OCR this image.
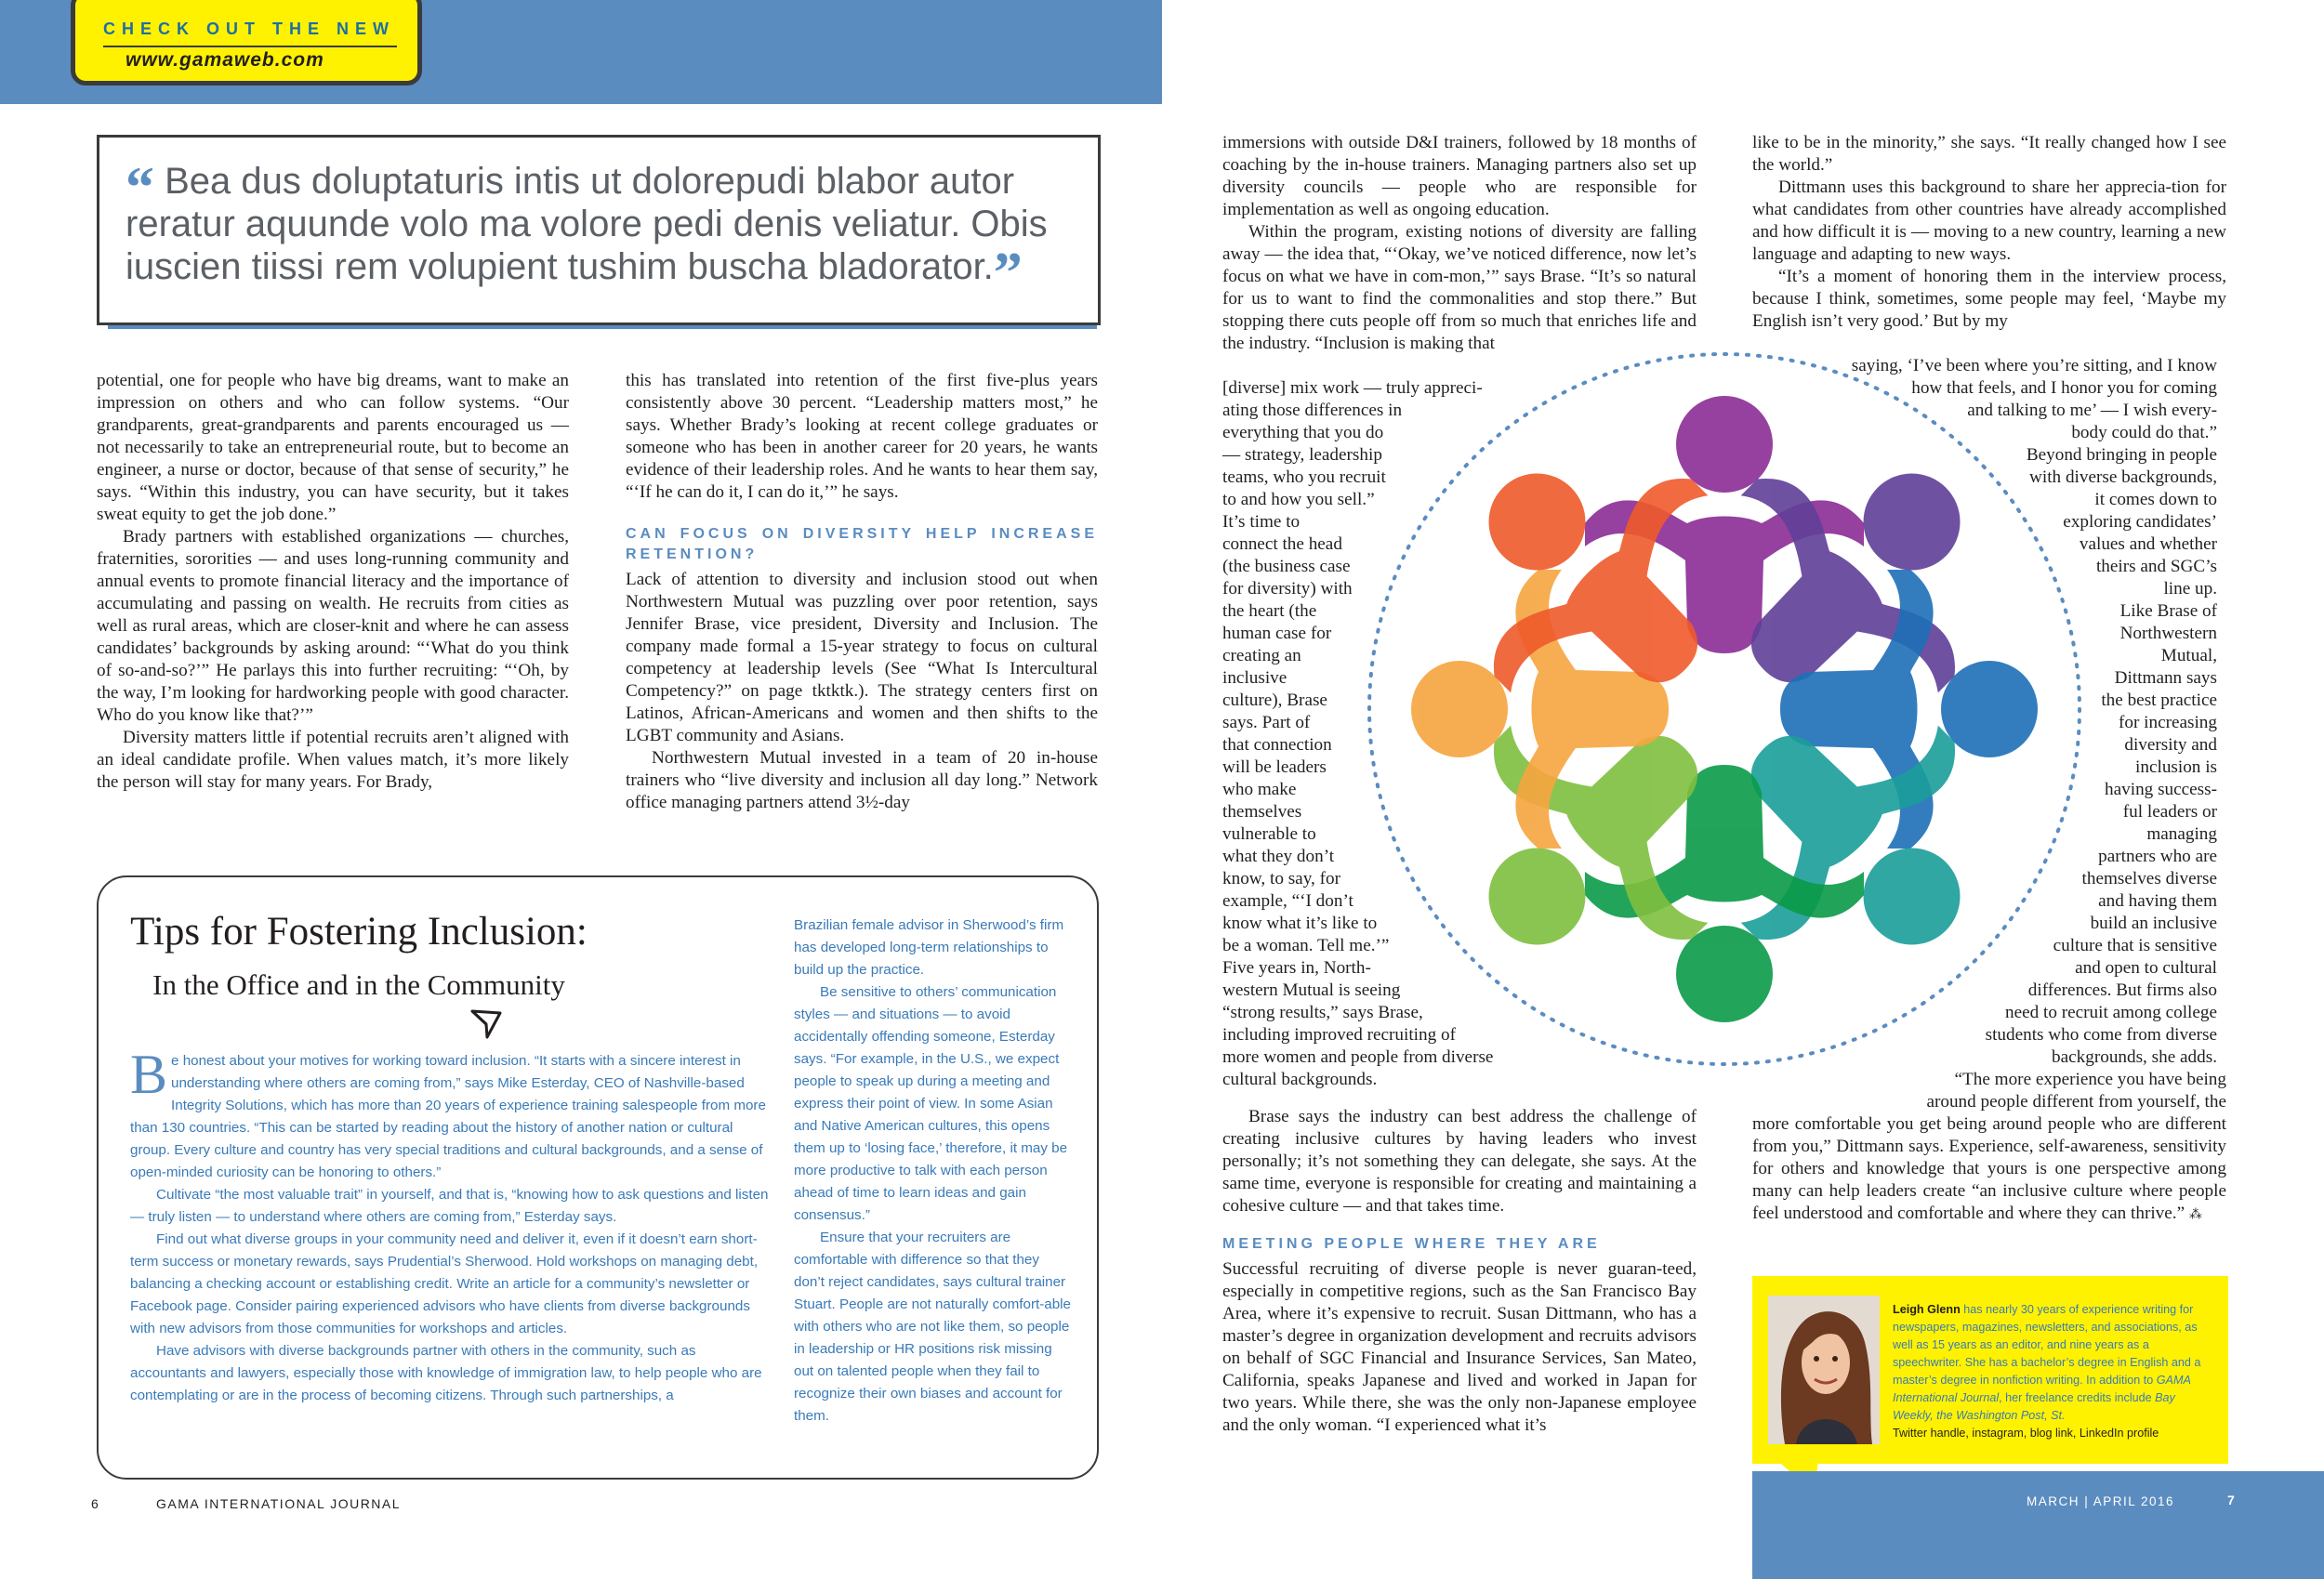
CHECK OUT THE NEW
www.gamaweb.com
“ Bea dus doluptaturis intis ut dolorepudi blabor autor reratur aquunde volo ma volore pedi denis veliatur. Obis iuscien tiissi rem volupient tushim buscha bladorator.”

potential, one for people who have big dreams, want to make an impression on others and who can follow systems. “Our grandparents, great-grandparents and parents encouraged us — not necessarily to take an entrepreneurial route, but to become an engineer, a nurse or doctor, because of that sense of security,” he says. “Within this industry, you can have security, but it takes sweat equity to get the job done.”

Brady partners with established organizations — churches, fraternities, sororities — and uses long-running community and annual events to promote financial literacy and the importance of accumulating and passing on wealth. He recruits from cities as well as rural areas, which are closer-knit and where he can assess candidates’ backgrounds by asking around: “‘What do you think of so-and-so?’” He parlays this into further recruiting: “‘Oh, by the way, I’m looking for hardworking people with good character. Who do you know like that?’”

Diversity matters little if potential recruits aren’t aligned with an ideal candidate profile. When values match, it’s more likely the person will stay for many years. For Brady,

this has translated into retention of the first five-plus years consistently above 30 percent. “Leadership matters most,” he says. Whether Brady’s looking at recent college graduates or someone who has been in another career for 20 years, he wants evidence of their leadership roles. And he wants to hear them say, “‘If he can do it, I can do it,’” he says.

CAN FOCUS ON DIVERSITY HELP INCREASE RETENTION?

Lack of attention to diversity and inclusion stood out when Northwestern Mutual was puzzling over poor retention, says Jennifer Brase, vice president, Diversity and Inclusion. The company made formal a 15-year strategy to focus on cultural competency at leadership levels (See “What Is Intercultural Competency?” on page tktktk.). The strategy centers first on Latinos, African-Americans and women and then shifts to the LGBT community and Asians.

Northwestern Mutual invested in a team of 20 in-house trainers who “live diversity and inclusion all day long.” Network office managing partners attend 3½-day

Tips for Fostering Inclusion:
In the Office and in the Community

Be honest about your motives for working toward inclusion. “It starts with a sincere interest in understanding where others are coming from,” says Mike Esterday, CEO of Nashville-based Integrity Solutions, which has more than 20 years of experience training salespeople from more than 130 countries. “This can be started by reading about the history of another nation or cultural group. Every culture and country has very special traditions and cultural backgrounds, and a sense of open-minded curiosity can be honoring to others.”

Cultivate “the most valuable trait” in yourself, and that is, “knowing how to ask questions and listen — truly listen — to understand where others are coming from,” Esterday says.

Find out what diverse groups in your community need and deliver it, even if it doesn’t earn short-term success or monetary rewards, says Prudential’s Sherwood. Hold workshops on managing debt, balancing a checking account or establishing credit. Write an article for a community’s newsletter or Facebook page. Consider pairing experienced advisors who have clients from diverse backgrounds with new advisors from those communities for workshops and articles.

Have advisors with diverse backgrounds partner with others in the community, such as accountants and lawyers, especially those with knowledge of immigration law, to help people who are contemplating or are in the process of becoming citizens. Through such partnerships, a

Brazilian female advisor in Sherwood’s firm has developed long-term relationships to build up the practice.

Be sensitive to others’ communication styles — and situations — to avoid accidentally offending someone, Esterday says. “For example, in the U.S., we expect people to speak up during a meeting and express their point of view. In some Asian and Native American cultures, this opens them up to ‘losing face,’ therefore, it may be more productive to talk with each person ahead of time to learn ideas and gain consensus.”

Ensure that your recruiters are comfortable with difference so that they don’t reject candidates, says cultural trainer Stuart. People are not naturally comfort-able with others who are not like them, so people in leadership or HR positions risk missing out on talented people when they fail to recognize their own biases and account for them.

6	GAMA INTERNATIONAL JOURNAL

immersions with outside D&I trainers, followed by 18 months of coaching by the in-house trainers. Managing partners also set up diversity councils — people who are responsible for implementation as well as ongoing education.

Within the program, existing notions of diversity are falling away — the idea that, “‘Okay, we’ve noticed difference, now let’s focus on what we have in com-mon,’” says Brase. “It’s so natural for us to want to find the commonalities and stop there.” But stopping there cuts people off from so much that enriches life and the industry. “Inclusion is making that

[diverse] mix work — truly appreci-
ating those differences in
everything that you do
— strategy, leadership
teams, who you recruit
to and how you sell.”
It’s time to
connect the head
(the business case
for diversity) with
the heart (the
human case for
creating an
inclusive
culture), Brase
says. Part of
that connection
will be leaders
who make
themselves
vulnerable to
what they don’t
know, to say, for
example, “‘I don’t
know what it’s like to
be a woman. Tell me.’”
Five years in, North-
western Mutual is seeing
“strong results,” says Brase,
including improved recruiting of
more women and people from diverse
cultural backgrounds.

Brase says the industry can best address the challenge of creating inclusive cultures by having leaders who invest personally; it’s not something they can delegate, she says. At the same time, everyone is responsible for creating and maintaining a cohesive culture — and that takes time.

MEETING PEOPLE WHERE THEY ARE

Successful recruiting of diverse people is never guaran-teed, especially in competitive regions, such as the San Francisco Bay Area, where it’s expensive to recruit. Susan Dittmann, who has a master’s degree in organization development and recruits advisors on behalf of SGC Financial and Insurance Services, San Mateo, California, speaks Japanese and lived and worked in Japan for two years. While there, she was the only non-Japanese employee and the only woman. “I experienced what it’s

like to be in the minority,” she says. “It really changed how I see the world.”

Dittmann uses this background to share her apprecia-tion for what candidates from other countries have already accomplished and how difficult it is — moving to a new country, learning a new language and adapting to new ways.

“It’s a moment of honoring them in the interview process, because I think, sometimes, some people may feel, ‘Maybe my English isn’t very good.’ But by my

saying, ‘I’ve been where you’re sitting, and I know
how that feels, and I honor you for coming
and talking to me’ — I wish every-
body could do that.”
Beyond bringing in people
with diverse backgrounds,
it comes down to
exploring candidates’
values and whether
theirs and SGC’s
line up.
Like Brase of
Northwestern
Mutual,
Dittmann says
the best practice
for increasing
diversity and
inclusion is
having success-
ful leaders or
managing
partners who are
themselves diverse
and having them
build an inclusive
culture that is sensitive
and open to cultural
differences. But firms also
need to recruit among college
students who come from diverse
backgrounds, she adds.
“The more experience you have being
around people different from yourself, the

more comfortable you get being around people who are different from you,” Dittmann says. Experience, self-awareness, sensitivity for others and knowledge that yours is one perspective among many can help leaders create “an inclusive culture where people feel understood and comfortable and where they can thrive.” ⁂

Leigh Glenn has nearly 30 years of experience writing for newspapers, magazines, newsletters, and associations, as well as 15 years as an editor, and nine years as a speechwriter. She has a bachelor’s degree in English and a master’s degree in nonfiction writing. In addition to GAMA International Journal, her freelance credits include Bay Weekly, the Washington Post, St.
Twitter handle, instagram, blog link, LinkedIn profile
MARCH | APRIL 2016	7
